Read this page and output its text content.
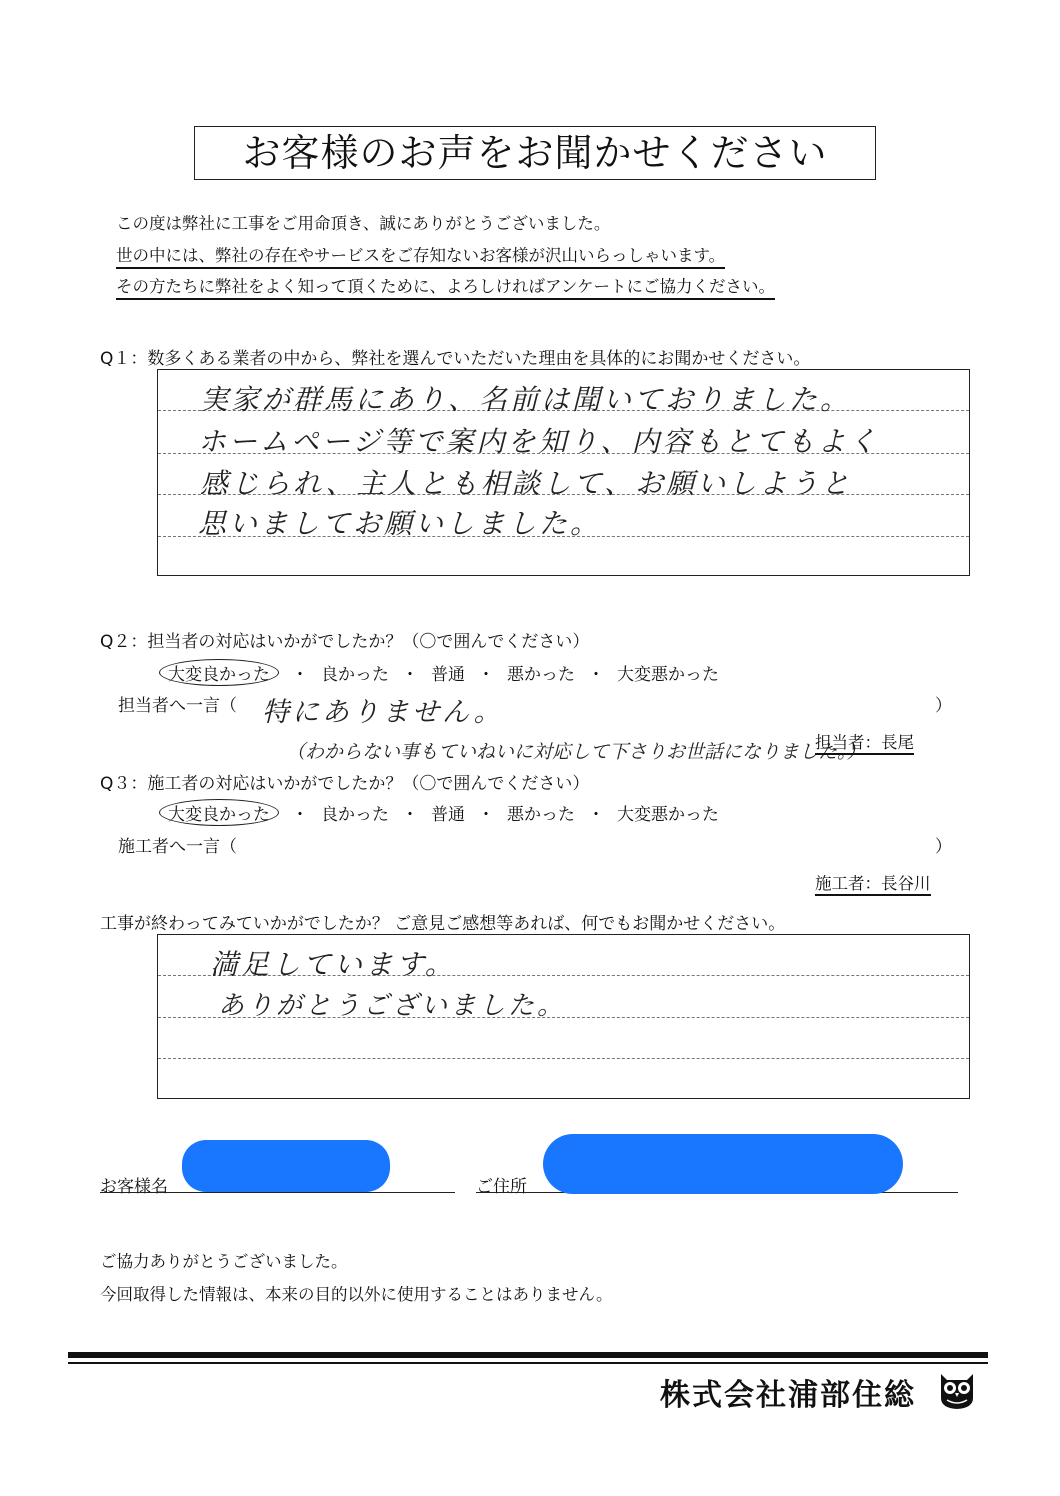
お客様のお声をお聞かせください
この度は弊社に工事をご用命頂き、誠にありがとうございました。
世の中には、弊社の存在やサービスをご存知ないお客様が沢山いらっしゃいます。
その方たちに弊社をよく知って頂くために、よろしければアンケートにご協力ください。
Q１：数多くある業者の中から、弊社を選んでいただいた理由を具体的にお聞かせください。
実家が群馬にあり、名前は聞いておりました。
ホームページ等で案内を知り、内容もとてもよく
感じられ、主人とも相談して、お願いしようと
思いましてお願いしました。
Q２：担当者の対応はいかがでしたか？（〇で囲んでください）
大変良かった ・ 良かった ・ 普通 ・ 悪かった ・ 大変悪かった
担当者へ一言（	）
特にありません。
（わからない事もていねいに対応して下さりお世話になりました。）
担当者：長尾
Q３：施工者の対応はいかがでしたか？（〇で囲んでください）
大変良かった ・ 良かった ・ 普通 ・ 悪かった ・ 大変悪かった
施工者へ一言（	）
施工者：長谷川
工事が終わってみていかがでしたか？ ご意見ご感想等あれば、何でもお聞かせください。
満足しています。
ありがとうございました。
お客様名	ご住所
ご協力ありがとうございました。
今回取得した情報は、本来の目的以外に使用することはありません。
株式会社浦部住総
